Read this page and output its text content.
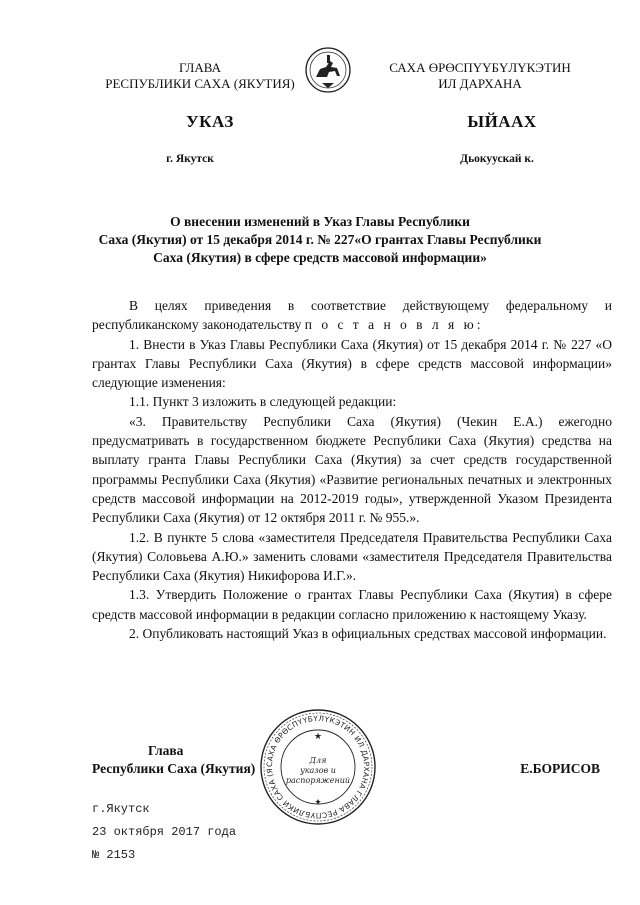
ГЛАВА
РЕСПУБЛИКИ САХА (ЯКУТИЯ)
САХА ӨРӨСПҮҮБҮЛҮКЭТИН
ИЛ ДАРХАНА
УКАЗ	ЫЙААХ
г. Якутск	Дьокуускай к.
О внесении изменений в Указ Главы Республики
Саха (Якутия) от 15 декабря 2014 г. № 227«О грантах Главы Республики
Саха (Якутия) в сфере средств массовой информации»

В целях приведения в соответствие действующему федеральному и республиканскому законодательству п о с т а н о в л я ю:

1. Внести в Указ Главы Республики Саха (Якутия) от 15 декабря 2014 г. № 227 «О грантах Главы Республики Саха (Якутия) в сфере средств массовой информации» следующие изменения:

1.1. Пункт 3 изложить в следующей редакции:

«3. Правительству Республики Саха (Якутия) (Чекин Е.А.) ежегодно предусматривать в государственном бюджете Республики Саха (Якутия) средства на выплату гранта Главы Республики Саха (Якутия) за счет средств государственной программы Республики Саха (Якутия) «Развитие региональных печатных и электронных средств массовой информации на 2012-2019 годы», утвержденной Указом Президента Республики Саха (Якутия) от 12 октября 2011 г. № 955.».

1.2. В пункте 5 слова «заместителя Председателя Правительства Республики Саха (Якутия) Соловьева А.Ю.» заменить словами «заместителя Председателя Правительства Республики Саха (Якутия) Никифорова И.Г.».

1.3. Утвердить Положение о грантах Главы Республики Саха (Якутия) в сфере средств массовой информации в редакции согласно приложению к настоящему Указу.

2. Опубликовать настоящий Указ в официальных средствах массовой информации.

Глава
Республики Саха (Якутия)	САХА ӨРӨСПҮҮБҮЛҮКЭТИН ИЛ ДАРХАНА ГЛАВА РЕСПУБЛИКИ САХА (Я
★
Для
указов и
распоряжений
✦
Е.БОРИСОВ
г.Якутск
23 октября 2017 года
№ 2153
